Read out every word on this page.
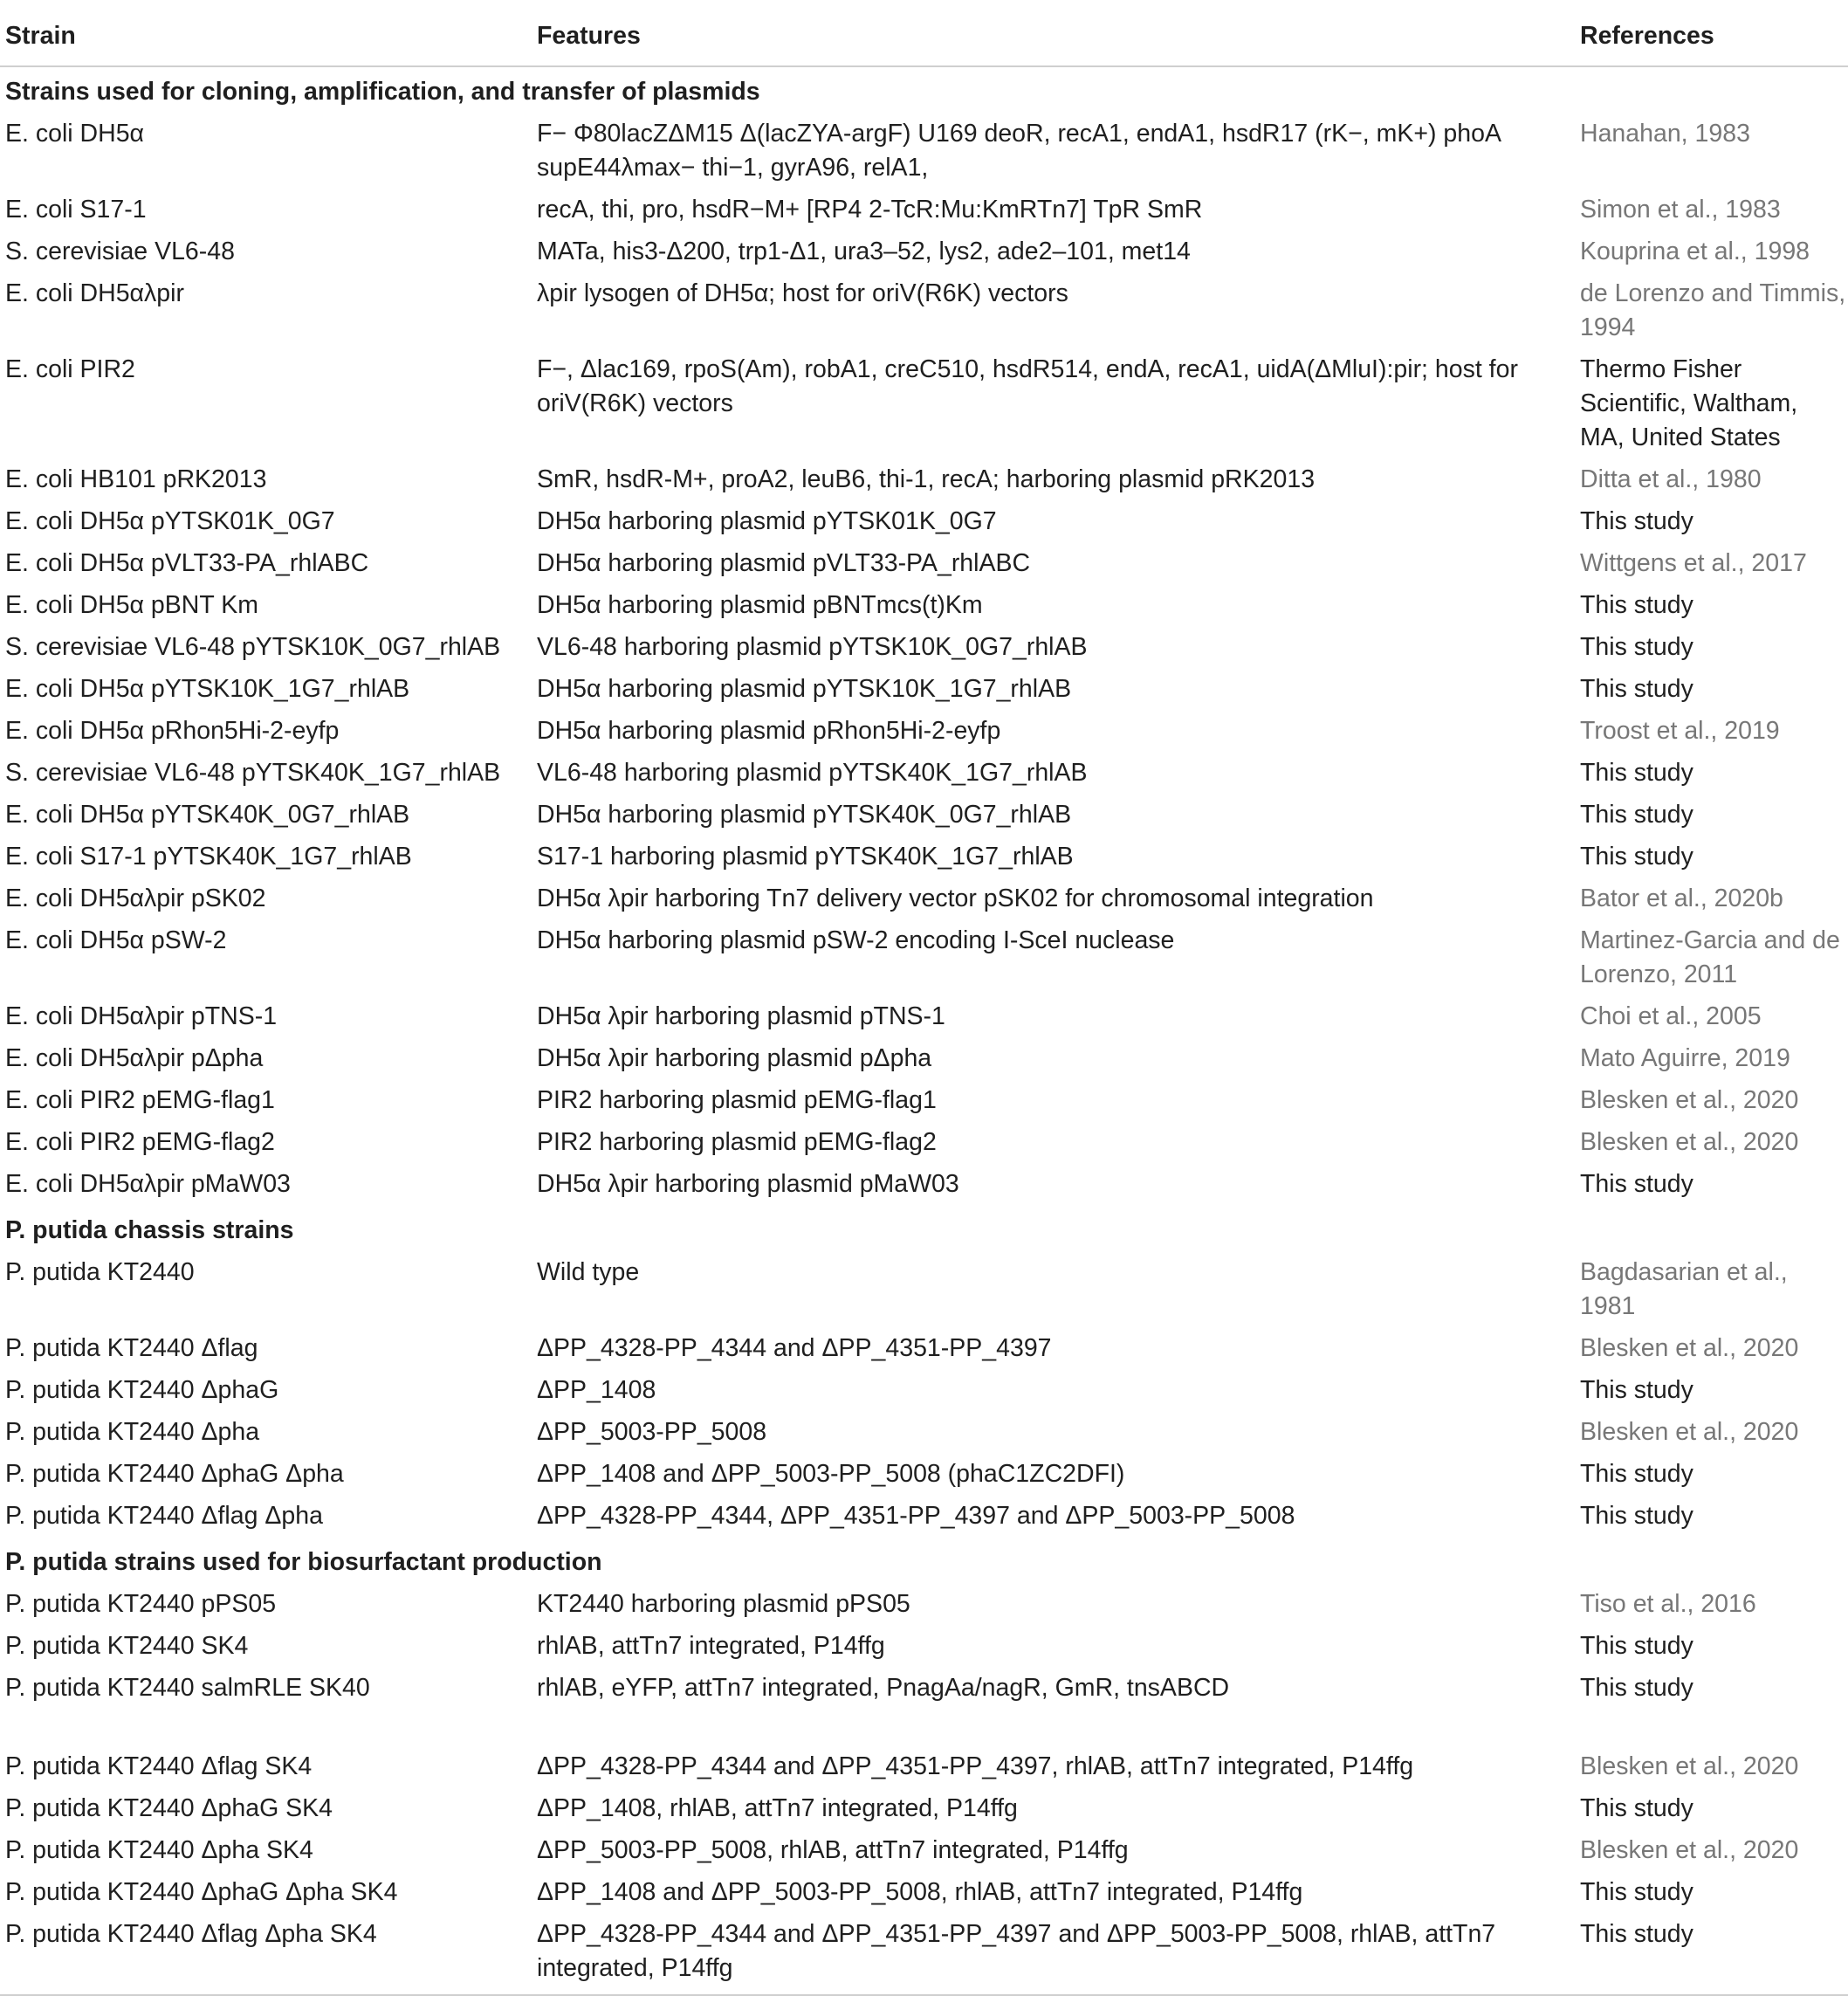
Strain	Features	References
Strains used for cloning, amplification, and transfer of plasmids		
E. coli DH5α	F− Φ80lacZΔM15 Δ(lacZYA-argF) U169 deoR, recA1, endA1, hsdR17 (rK−, mK+) phoA supE44λmax− thi−1, gyrA96, relA1,	Hanahan, 1983
E. coli S17-1	recA, thi, pro, hsdR−M+ [RP4 2-TcR:Mu:KmRTn7] TpR SmR	Simon et al., 1983
S. cerevisiae VL6-48	MATa, his3-Δ200, trp1-Δ1, ura3–52, lys2, ade2–101, met14	Kouprina et al., 1998
E. coli DH5αλpir	λpir lysogen of DH5α; host for oriV(R6K) vectors	de Lorenzo and Timmis, 1994
E. coli PIR2	F−, Δlac169, rpoS(Am), robA1, creC510, hsdR514, endA, recA1, uidA(ΔMluI):pir; host for oriV(R6K) vectors	Thermo Fisher Scientific, Waltham, MA, United States
E. coli HB101 pRK2013	SmR, hsdR-M+, proA2, leuB6, thi-1, recA; harboring plasmid pRK2013	Ditta et al., 1980
E. coli DH5α pYTSK01K_0G7	DH5α harboring plasmid pYTSK01K_0G7	This study
E. coli DH5α pVLT33-PA_rhlABC	DH5α harboring plasmid pVLT33-PA_rhlABC	Wittgens et al., 2017
E. coli DH5α pBNT Km	DH5α harboring plasmid pBNTmcs(t)Km	This study
S. cerevisiae VL6-48 pYTSK10K_0G7_rhlAB	VL6-48 harboring plasmid pYTSK10K_0G7_rhlAB	This study
E. coli DH5α pYTSK10K_1G7_rhlAB	DH5α harboring plasmid pYTSK10K_1G7_rhlAB	This study
E. coli DH5α pRhon5Hi-2-eyfp	DH5α harboring plasmid pRhon5Hi-2-eyfp	Troost et al., 2019
S. cerevisiae VL6-48 pYTSK40K_1G7_rhlAB	VL6-48 harboring plasmid pYTSK40K_1G7_rhlAB	This study
E. coli DH5α pYTSK40K_0G7_rhlAB	DH5α harboring plasmid pYTSK40K_0G7_rhlAB	This study
E. coli S17-1 pYTSK40K_1G7_rhlAB	S17-1 harboring plasmid pYTSK40K_1G7_rhlAB	This study
E. coli DH5αλpir pSK02	DH5α λpir harboring Tn7 delivery vector pSK02 for chromosomal integration	Bator et al., 2020b
E. coli DH5α pSW-2	DH5α harboring plasmid pSW-2 encoding I-SceI nuclease	Martinez-Garcia and de Lorenzo, 2011
E. coli DH5αλpir pTNS-1	DH5α λpir harboring plasmid pTNS-1	Choi et al., 2005
E. coli DH5αλpir pΔpha	DH5α λpir harboring plasmid pΔpha	Mato Aguirre, 2019
E. coli PIR2 pEMG-flag1	PIR2 harboring plasmid pEMG-flag1	Blesken et al., 2020
E. coli PIR2 pEMG-flag2	PIR2 harboring plasmid pEMG-flag2	Blesken et al., 2020
E. coli DH5αλpir pMaW03	DH5α λpir harboring plasmid pMaW03	This study
P. putida chassis strains		
P. putida KT2440	Wild type	Bagdasarian et al., 1981
P. putida KT2440 Δflag	ΔPP_4328-PP_4344 and ΔPP_4351-PP_4397	Blesken et al., 2020
P. putida KT2440 ΔphaG	ΔPP_1408	This study
P. putida KT2440 Δpha	ΔPP_5003-PP_5008	Blesken et al., 2020
P. putida KT2440 ΔphaG Δpha	ΔPP_1408 and ΔPP_5003-PP_5008 (phaC1ZC2DFI)	This study
P. putida KT2440 Δflag Δpha	ΔPP_4328-PP_4344, ΔPP_4351-PP_4397 and ΔPP_5003-PP_5008	This study
P. putida strains used for biosurfactant production		
P. putida KT2440 pPS05	KT2440 harboring plasmid pPS05	Tiso et al., 2016
P. putida KT2440 SK4	rhlAB, attTn7 integrated, P14ffg	This study
P. putida KT2440 salmRLE SK40	rhlAB, eYFP, attTn7 integrated, PnagAa/nagR, GmR, tnsABCD	This study

P. putida KT2440 Δflag SK4	ΔPP_4328-PP_4344 and ΔPP_4351-PP_4397, rhlAB, attTn7 integrated, P14ffg	Blesken et al., 2020
P. putida KT2440 ΔphaG SK4	ΔPP_1408, rhlAB, attTn7 integrated, P14ffg	This study
P. putida KT2440 Δpha SK4	ΔPP_5003-PP_5008, rhlAB, attTn7 integrated, P14ffg	Blesken et al., 2020
P. putida KT2440 ΔphaG Δpha SK4	ΔPP_1408 and ΔPP_5003-PP_5008, rhlAB, attTn7 integrated, P14ffg	This study
P. putida KT2440 Δflag Δpha SK4	ΔPP_4328-PP_4344 and ΔPP_4351-PP_4397 and ΔPP_5003-PP_5008, rhlAB, attTn7 integrated, P14ffg	This study
